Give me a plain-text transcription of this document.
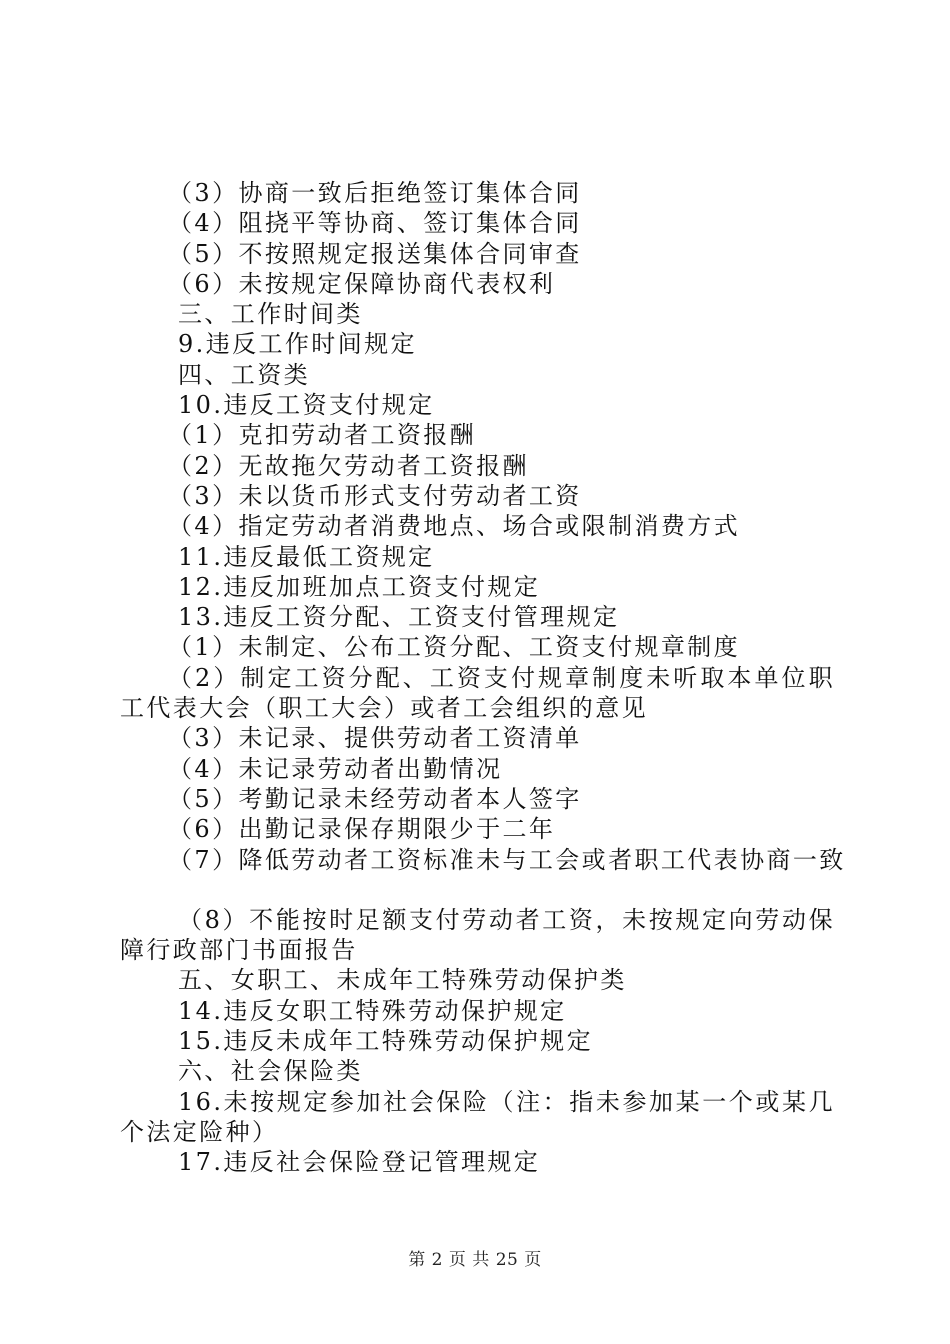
（3）协商一致后拒绝签订集体合同
（4）阻挠平等协商、签订集体合同
（5）不按照规定报送集体合同审查
（6）未按规定保障协商代表权利
三、工作时间类
9.违反工作时间规定
四、工资类
10.违反工资支付规定
（1）克扣劳动者工资报酬
（2）无故拖欠劳动者工资报酬
（3）未以货币形式支付劳动者工资
（4）指定劳动者消费地点、场合或限制消费方式
11.违反最低工资规定
12.违反加班加点工资支付规定
13.违反工资分配、工资支付管理规定
（1）未制定、公布工资分配、工资支付规章制度
（2）制定工资分配、工资支付规章制度未听取本单位职工代表大会（职工大会）或者工会组织的意见
（3）未记录、提供劳动者工资清单
（4）未记录劳动者出勤情况
（5）考勤记录未经劳动者本人签字
（6）出勤记录保存期限少于二年
（7）降低劳动者工资标准未与工会或者职工代表协商一致
（8）不能按时足额支付劳动者工资，未按规定向劳动保障行政部门书面报告
五、女职工、未成年工特殊劳动保护类
14.违反女职工特殊劳动保护规定
15.违反未成年工特殊劳动保护规定
六、社会保险类
16.未按规定参加社会保险（注：指未参加某一个或某几个法定险种）
17.违反社会保险登记管理规定
第 2 页 共 25 页
